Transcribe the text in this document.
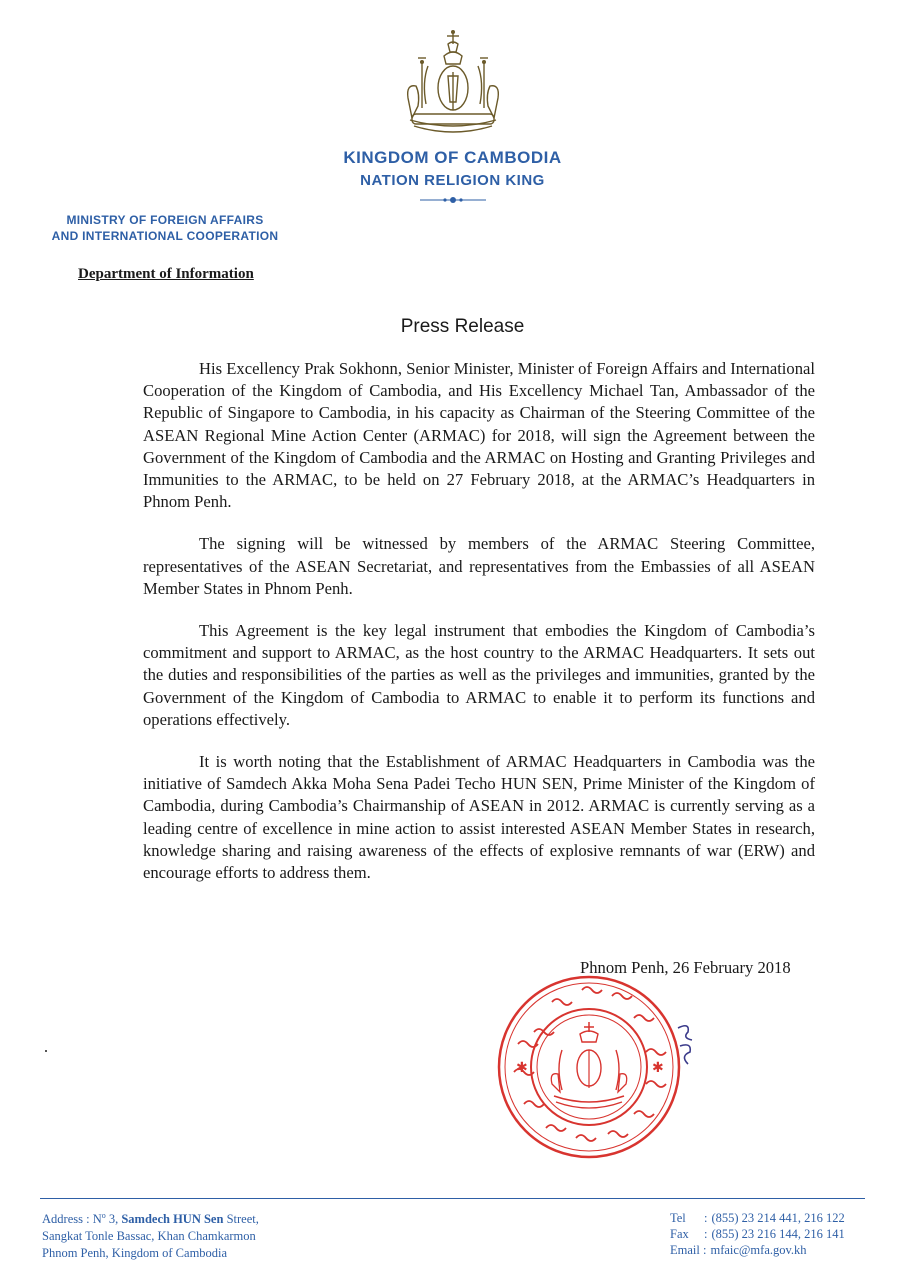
KINGDOM OF CAMBODIA
NATION RELIGION KING
MINISTRY OF FOREIGN AFFAIRS
AND INTERNATIONAL COOPERATION
Department of Information
Press Release

His Excellency Prak Sokhonn, Senior Minister, Minister of Foreign Affairs and International Cooperation of the Kingdom of Cambodia, and His Excellency Michael Tan, Ambassador of the Republic of Singapore to Cambodia, in his capacity as Chairman of the Steering Committee of the ASEAN Regional Mine Action Center (ARMAC) for 2018, will sign the Agreement between the Government of the Kingdom of Cambodia and the ARMAC on Hosting and Granting Privileges and Immunities to the ARMAC, to be held on 27 February 2018, at the ARMAC’s Headquarters in Phnom Penh.

The signing will be witnessed by members of the ARMAC Steering Committee, representatives of the ASEAN Secretariat, and representatives from the Embassies of all ASEAN Member States in Phnom Penh.

This Agreement is the key legal instrument that embodies the Kingdom of Cambodia’s commitment and support to ARMAC, as the host country to the ARMAC Headquarters. It sets out the duties and responsibilities of the parties as well as the privileges and immunities, granted by the Government of the Kingdom of Cambodia to ARMAC to enable it to perform its functions and operations effectively.

It is worth noting that the Establishment of ARMAC Headquarters in Cambodia was the initiative of Samdech Akka Moha Sena Padei Techo HUN SEN, Prime Minister of the Kingdom of Cambodia, during Cambodia’s Chairmanship of ASEAN in 2012. ARMAC is currently serving as a leading centre of excellence in mine action to assist interested ASEAN Member States in research, knowledge sharing and raising awareness of the effects of explosive remnants of war (ERW) and encourage efforts to address them.

Phnom Penh, 26 February 2018
✱	✱
Address : $N^o$ 3, Samdech HUN Sen Street,
Sangkat Tonle Bassac, Khan Chamkarmon
Phnom Penh, Kingdom of Cambodia
Tel	: (855) 23 214 441, 216 122
Fax	: (855) 23 216 144, 216 141
Email : mfaic@mfa.gov.kh
